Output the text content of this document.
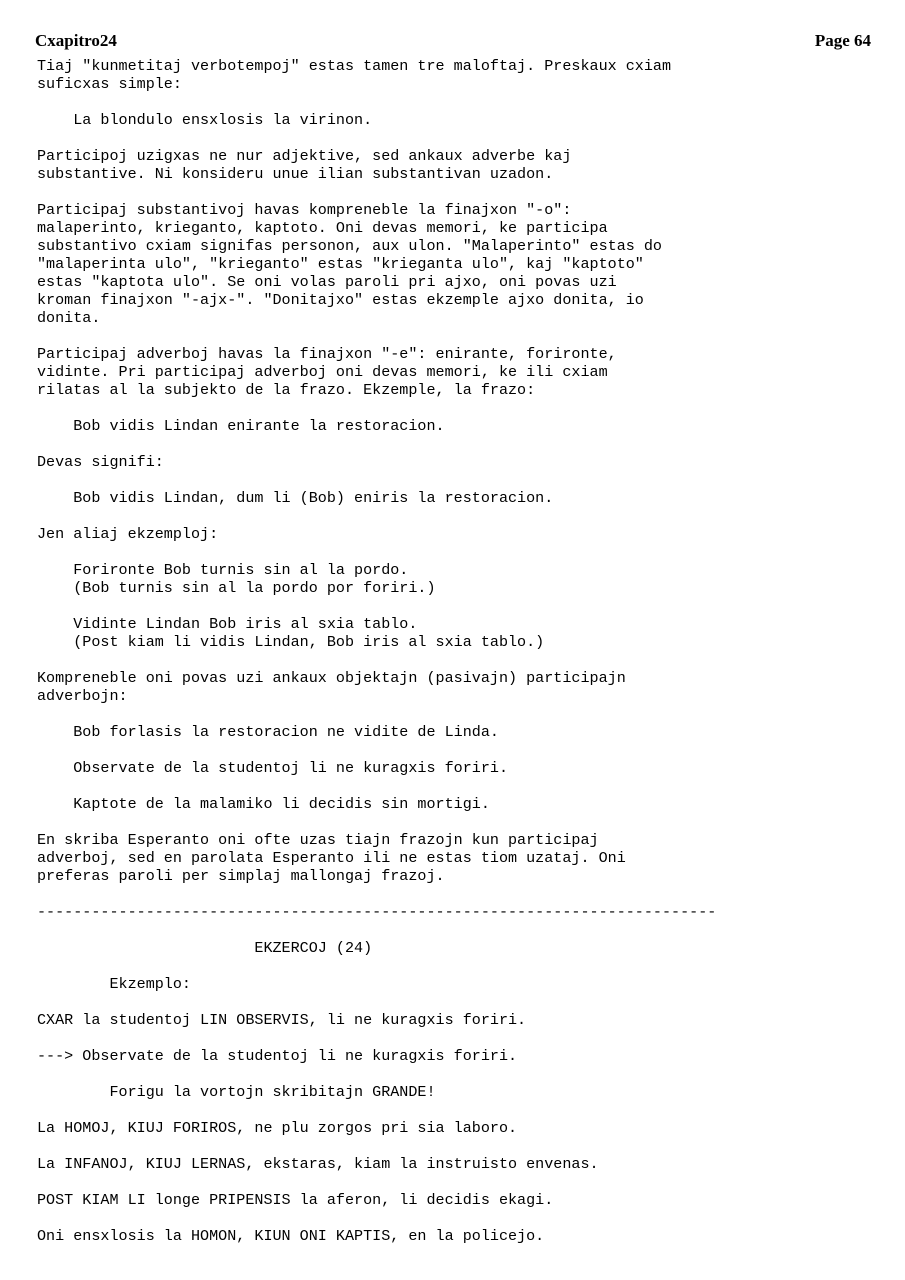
Cxapitro24	Page 64
Tiaj "kunmetitaj verbotempoj" estas tamen tre maloftaj. Preskaux cxiam
suficxas simple:
La blondulo ensxlosis la virinon.
Participoj uzigxas ne nur adjektive, sed ankaux adverbe kaj
substantive. Ni konsideru unue ilian substantivan uzadon.
Participaj substantivoj havas kompreneble la finajxon "-o":
malaperinto, krieganto, kaptoto. Oni devas memori, ke participa
substantivo cxiam signifas personon, aux ulon. "Malaperinto" estas do
"malaperinta ulo", "krieganto" estas "krieganta ulo", kaj "kaptoto"
estas "kaptota ulo". Se oni volas paroli pri ajxo, oni povas uzi
kroman finajxon "-ajx-". "Donitajxo" estas ekzemple ajxo donita, io
donita.
Participaj adverboj havas la finajxon "-e": enirante, forironte,
vidinte. Pri participaj adverboj oni devas memori, ke ili cxiam
rilatas al la subjekto de la frazo. Ekzemple, la frazo:
Bob vidis Lindan enirante la restoracion.
Devas signifi:
Bob vidis Lindan, dum li (Bob) eniris la restoracion.
Jen aliaj ekzemploj:
Forironte Bob turnis sin al la pordo.
(Bob turnis sin al la pordo por foriri.)
Vidinte Lindan Bob iris al sxia tablo.
(Post kiam li vidis Lindan, Bob iris al sxia tablo.)
Kompreneble oni povas uzi ankaux objektajn (pasivajn) participajn
adverbojn:
Bob forlasis la restoracion ne vidite de Linda.
Observate de la studentoj li ne kuragxis foriri.
Kaptote de la malamiko li decidis sin mortigi.
En skriba Esperanto oni ofte uzas tiajn frazojn kun participaj
adverboj, sed en parolata Esperanto ili ne estas tiom uzataj. Oni
preferas paroli per simplaj mallongaj frazoj.
---------------------------------------------------------------------------
EKZERCOJ (24)
Ekzemplo:
CXAR la studentoj LIN OBSERVIS, li ne kuragxis foriri.
---> Observate de la studentoj li ne kuragxis foriri.
Forigu la vortojn skribitajn GRANDE!
La HOMOJ, KIUJ FORIROS, ne plu zorgos pri sia laboro.
La INFANOJ, KIUJ LERNAS, ekstaras, kiam la instruisto envenas.
POST KIAM LI longe PRIPENSIS la aferon, li decidis ekagi.
Oni ensxlosis la HOMON, KIUN ONI KAPTIS, en la policejo.
